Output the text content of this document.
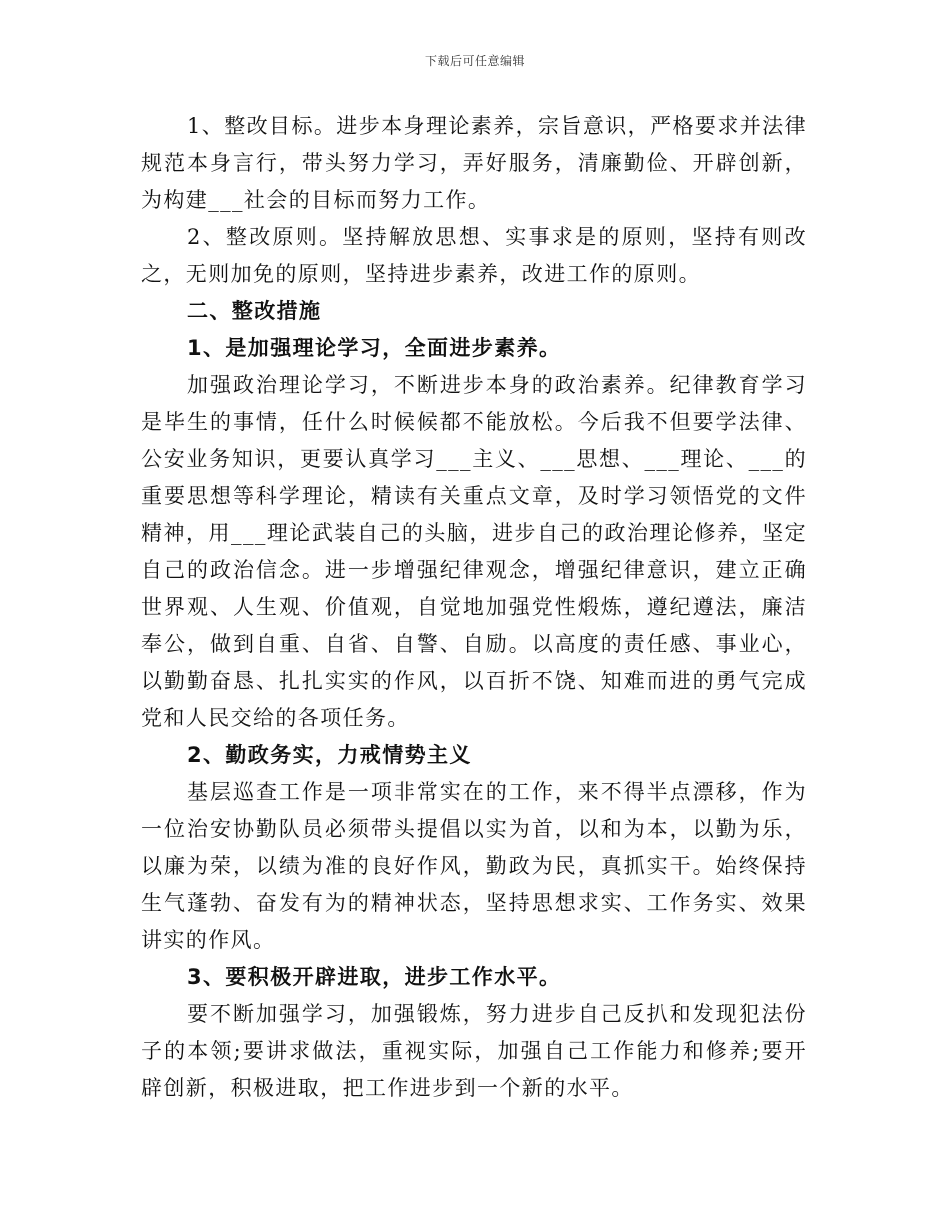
下载后可任意编辑

1、整改目标。进步本身理论素养，宗旨意识，严格要求并法律规范本身言行，带头努力学习，弄好服务，清廉勤俭、开辟创新，为构建___社会的目标而努力工作。

2、整改原则。坚持解放思想、实事求是的原则，坚持有则改之，无则加免的原则，坚持进步素养，改进工作的原则。

二、整改措施

1、是加强理论学习，全面进步素养。

加强政治理论学习，不断进步本身的政治素养。纪律教育学习是毕生的事情，任什么时候候都不能放松。今后我不但要学法律、公安业务知识，更要认真学习___主义、___思想、___理论、___的重要思想等科学理论，精读有关重点文章，及时学习领悟党的文件精神，用___理论武装自己的头脑，进步自己的政治理论修养，坚定自己的政治信念。进一步增强纪律观念，增强纪律意识，建立正确世界观、人生观、价值观，自觉地加强党性煅炼，遵纪遵法，廉洁奉公，做到自重、自省、自警、自励。以高度的责任感、事业心，以勤勤奋恳、扎扎实实的作风，以百折不饶、知难而进的勇气完成党和人民交给的各项任务。

2、勤政务实，力戒情势主义

基层巡查工作是一项非常实在的工作，来不得半点漂移，作为一位治安协勤队员必须带头提倡以实为首，以和为本，以勤为乐，以廉为荣，以绩为准的良好作风，勤政为民，真抓实干。始终保持生气蓬勃、奋发有为的精神状态，坚持思想求实、工作务实、效果讲实的作风。

3、要积极开辟进取，进步工作水平。

要不断加强学习，加强锻炼，努力进步自己反扒和发现犯法份子的本领;要讲求做法，重视实际，加强自己工作能力和修养;要开辟创新，积极进取，把工作进步到一个新的水平。
